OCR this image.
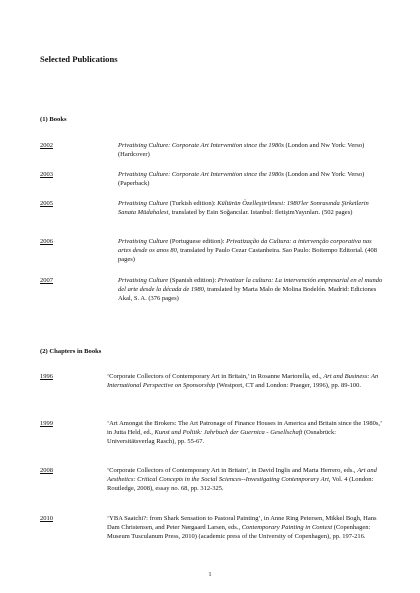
Selected Publications
(1) Books
2002	Privatising Culture: Corporate Art Intervention since the 1980s (London and Nw York: Verso) (Hardcover)
2003	Privatising Culture: Corporate Art Intervention since the 1980s (London and Nw York: Verso) (Paperback)
2005	Privatising Culture (Turkish edition): Kültürün Özelleştirilmesi: 1980'ler Sonrasında Şirketlerin Sanata Müdahalesi, translated by Esin Soğancılar. Istanbul: IletişimYayınları. (502 pages)
2006	Privatising Culture (Portuguese edition): Privatização da Cultura: a intervenção corporativa nas artes desde os anos 80, translated by Paulo Cezar Castanheira. Sao Paulo: Boitempo Editorial. (408 pages)
2007	Privatising Culture (Spanish edition): Privatizar la cultura: La intervención empresarial en el mundo del arte desde la década de 1980, translated by Marta Malo de Molina Bodelón. Madrid: Ediciones Akal, S. A. (376 pages)
(2) Chapters in Books
1996	‘Corporate Collectors of Contemporary Art in Britain,’ in Rosanne Martorella, ed., Art and Business: An International Perspective on Sponsorship (Westport, CT and London: Praeger, 1996), pp. 89-100.
1999	‘Art Amongst the Brokers: The Art Patronage of Finance Houses in America and Britain since the 1980s,’ in Jutta Held, ed., Kunst und Politik: Jahrbuch der Guernica - Gesellschaft (Osnabrück: Universitätsverlag Rasch), pp. 55-67.
2008	‘Corporate Collectors of Contemporary Art in Britain’, in David Inglis and Marta Herrero, eds., Art and Aesthetics: Critical Concepts in the Social Sciences--Investigating Contemporary Art, Vol. 4 (London: Routledge, 2008), essay no. 68, pp. 312-325.
2010	‘YBA Saatchi?: from Shark Sensation to Pastoral Painting’, in Anne Ring Petersen, Mikkel Bogh, Hans Dam Christensen, and Peter Nørgaard Larsen, eds., Contemporary Painting in Context (Copenhagen: Museum Tusculanum Press, 2010) (academic press of the University of Copenhagen), pp. 197-216.
1
